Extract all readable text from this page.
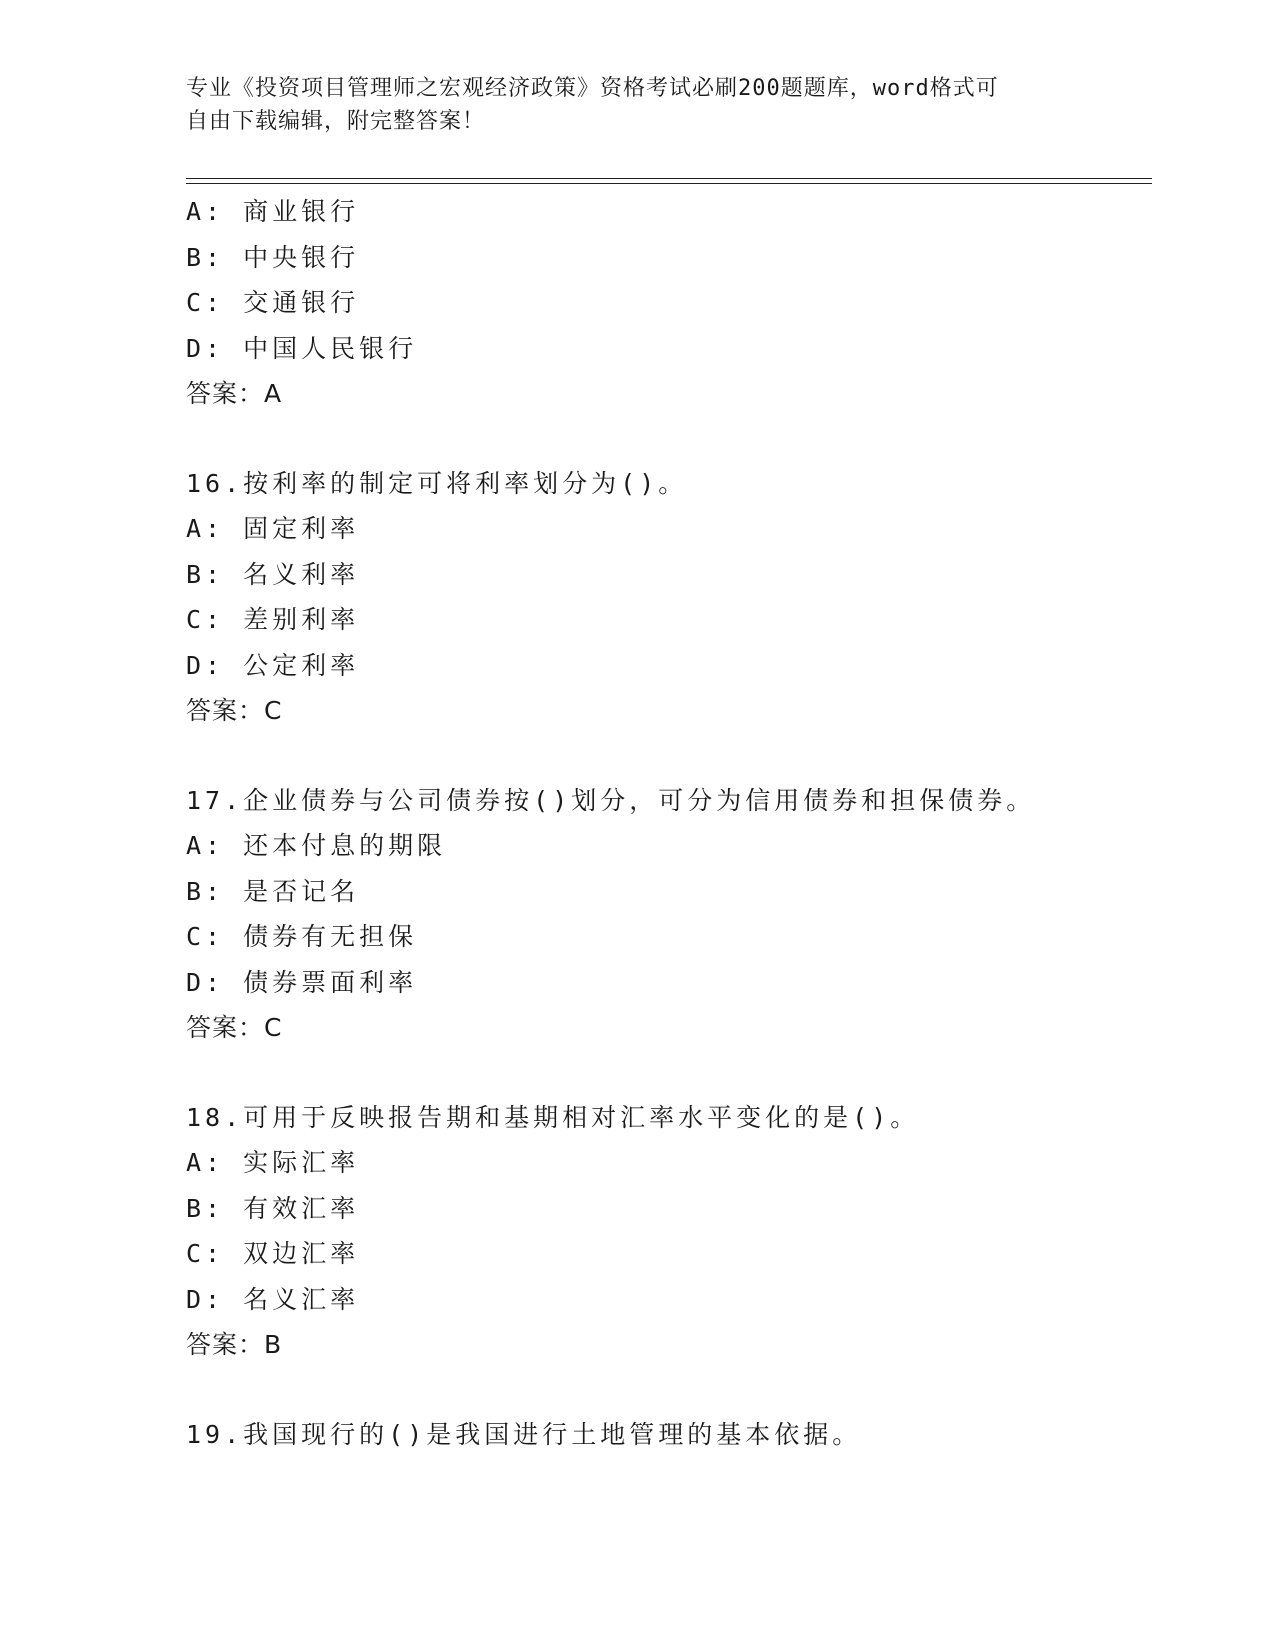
专业《投资项目管理师之宏观经济政策》资格考试必刷200题题库，word格式可
自由下载编辑，附完整答案！
A: 商业银行
B: 中央银行
C: 交通银行
D: 中国人民银行
答案：A
16.按利率的制定可将利率划分为()。
A: 固定利率
B: 名义利率
C: 差别利率
D: 公定利率
答案：C
17.企业债券与公司债券按()划分，可分为信用债券和担保债券。
A: 还本付息的期限
B: 是否记名
C: 债券有无担保
D: 债券票面利率
答案：C
18.可用于反映报告期和基期相对汇率水平变化的是()。
A: 实际汇率
B: 有效汇率
C: 双边汇率
D: 名义汇率
答案：B
19.我国现行的()是我国进行土地管理的基本依据。
